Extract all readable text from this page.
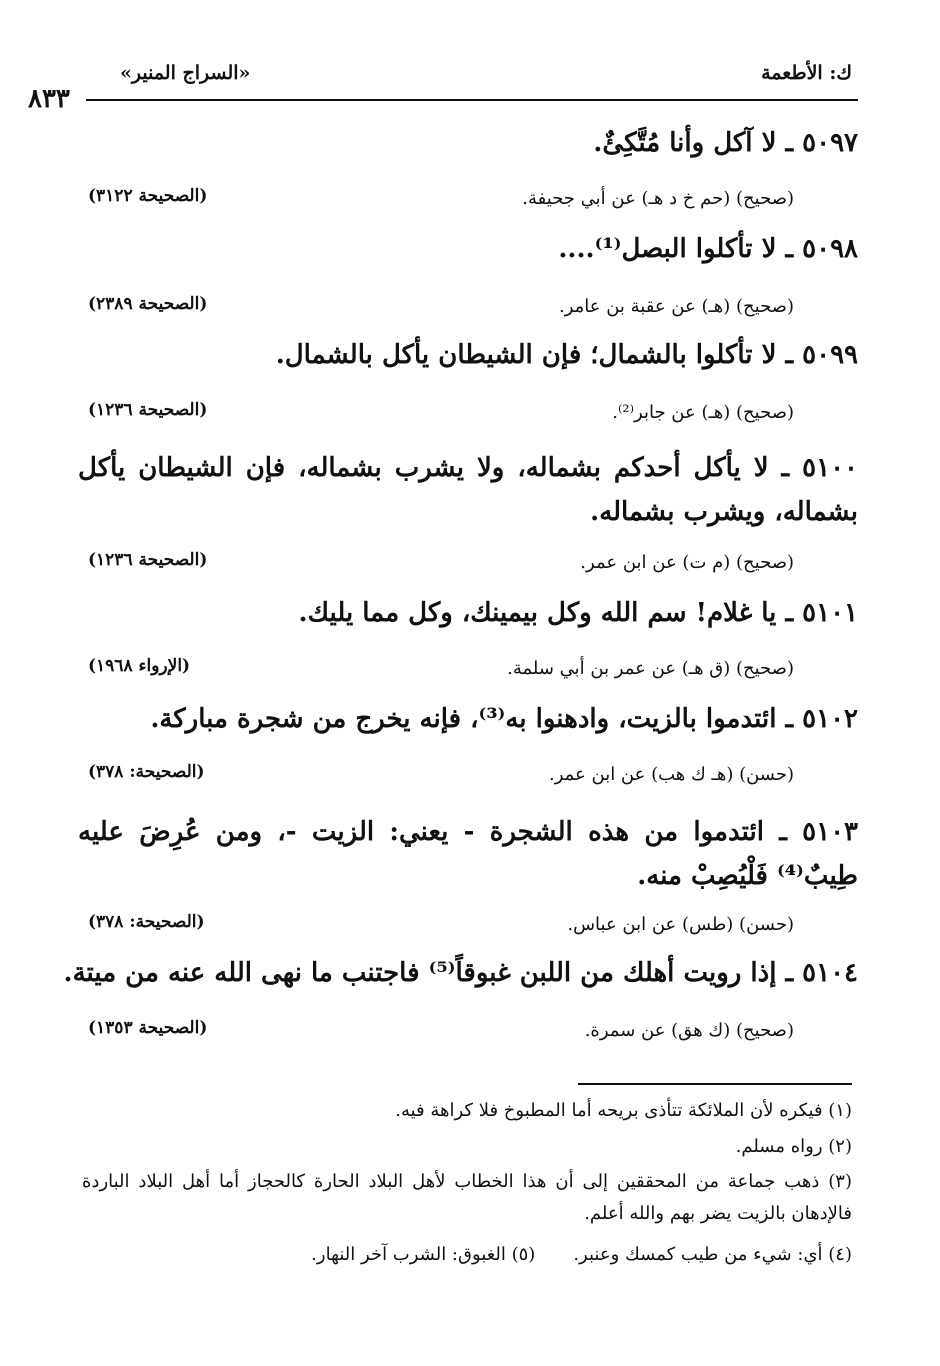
ك: الأطعمة
«السراج المنير»
٨٣٣
٥٠٩٧ ـ لا آكل وأنا مُتَّكِئٌ.
(صحيح) (حم خ د هـ) عن أبي جحيفة.
(الصحيحة ٣١٢٢)
٥٠٩٨ ـ لا تأكلوا البصل⁽¹⁾....
(صحيح) (هـ) عن عقبة بن عامر.
(الصحيحة ٢٣٨٩)
٥٠٩٩ ـ لا تأكلوا بالشمال؛ فإن الشيطان يأكل بالشمال.
(صحيح) (هـ) عن جابر⁽²⁾.
(الصحيحة ١٢٣٦)
٥١٠٠ ـ لا يأكل أحدكم بشماله، ولا يشرب بشماله، فإن الشيطان يأكل بشماله، ويشرب بشماله.
(صحيح) (م ت) عن ابن عمر.
(الصحيحة ١٢٣٦)
٥١٠١ ـ يا غلام! سم الله وكل بيمينك، وكل مما يليك.
(صحيح) (ق هـ) عن عمر بن أبي سلمة.
(الإرواء ١٩٦٨)
٥١٠٢ ـ ائتدموا بالزيت، وادهنوا به⁽³⁾، فإنه يخرج من شجرة مباركة.
(حسن) (هـ ك هب) عن ابن عمر.
(الصحيحة: ٣٧٨)
٥١٠٣ ـ ائتدموا من هذه الشجرة - يعني: الزيت -، ومن عُرِضَ عليه طِيبٌ⁽⁴⁾ فَلْيُصِبْ منه.
(حسن) (طس) عن ابن عباس.
(الصحيحة: ٣٧٨)
٥١٠٤ ـ إذا رويت أهلك من اللبن غبوقاً⁽⁵⁾ فاجتنب ما نهى الله عنه من ميتة.
(صحيح) (ك هق) عن سمرة.
(الصحيحة ١٣٥٣)
(١) فيكره لأن الملائكة تتأذى بريحه أما المطبوخ فلا كراهة فيه.
(٢) رواه مسلم.
(٣) ذهب جماعة من المحققين إلى أن هذا الخطاب لأهل البلاد الحارة كالحجاز أما أهل البلاد الباردة فالإدهان بالزيت يضر بهم والله أعلم.
(٤) أي: شيء من طيب كمسك وعنبر.(٥) الغبوق: الشرب آخر النهار.
